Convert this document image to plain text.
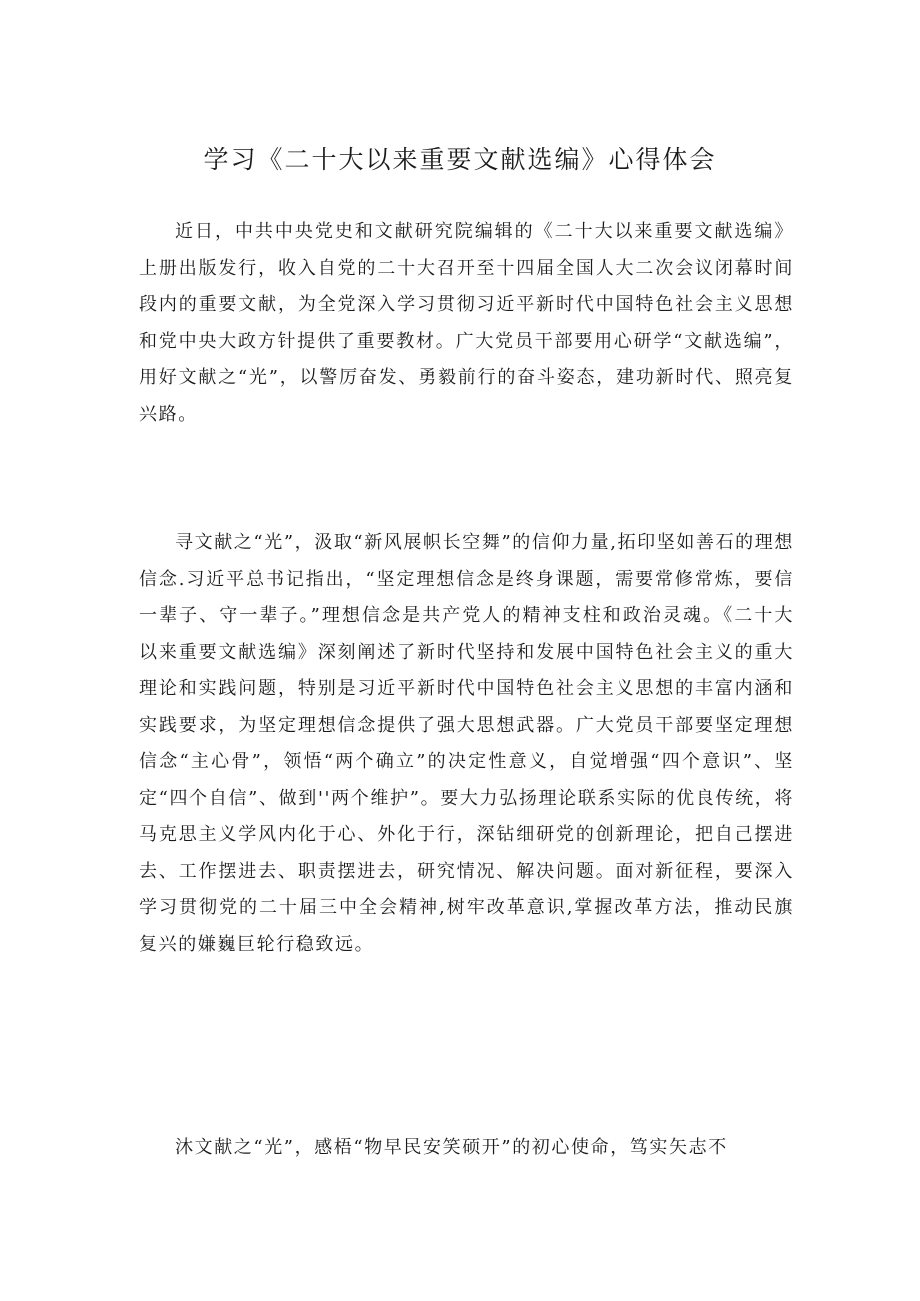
学习《二十大以来重要文献选编》心得体会

近日，中共中央党史和文献研究院编辑的《二十大以来重要文献选编》上册出版发行，收入自党的二十大召开至十四届全国人大二次会议闭幕时间段内的重要文献，为全党深入学习贯彻习近平新时代中国特色社会主义思想和党中央大政方针提供了重要教材。广大党员干部要用心研学“文献选编”，用好文献之“光”，以警厉奋发、勇毅前行的奋斗姿态，建功新时代、照亮复兴路。

寻文献之“光”，汲取“新风展帜长空舞”的信仰力量,拓印坚如善石的理想信念.习近平总书记指出，“坚定理想信念是终身课题，需要常修常炼，要信一辈子、守一辈子。”理想信念是共产党人的精神支柱和政治灵魂。《二十大以来重要文献选编》深刻阐述了新时代坚持和发展中国特色社会主义的重大理论和实践问题，特别是习近平新时代中国特色社会主义思想的丰富内涵和实践要求，为坚定理想信念提供了强大思想武器。广大党员干部要坚定理想信念“主心骨”，领悟“两个确立”的决定性意义，自觉增强“四个意识”、坚定“四个自信”、做到''两个维护”。要大力弘扬理论联系实际的优良传统，将马克思主义学风内化于心、外化于行，深钻细研党的创新理论，把自己摆进去、工作摆进去、职责摆进去，研究情况、解决问题。面对新征程，要深入学习贯彻党的二十届三中全会精神,树牢改革意识,掌握改革方法，推动民旗复兴的嫌巍巨轮行稳致远。

沐文献之“光”，感梧“物早民安笑硕开”的初心使命，笃实矢志不
